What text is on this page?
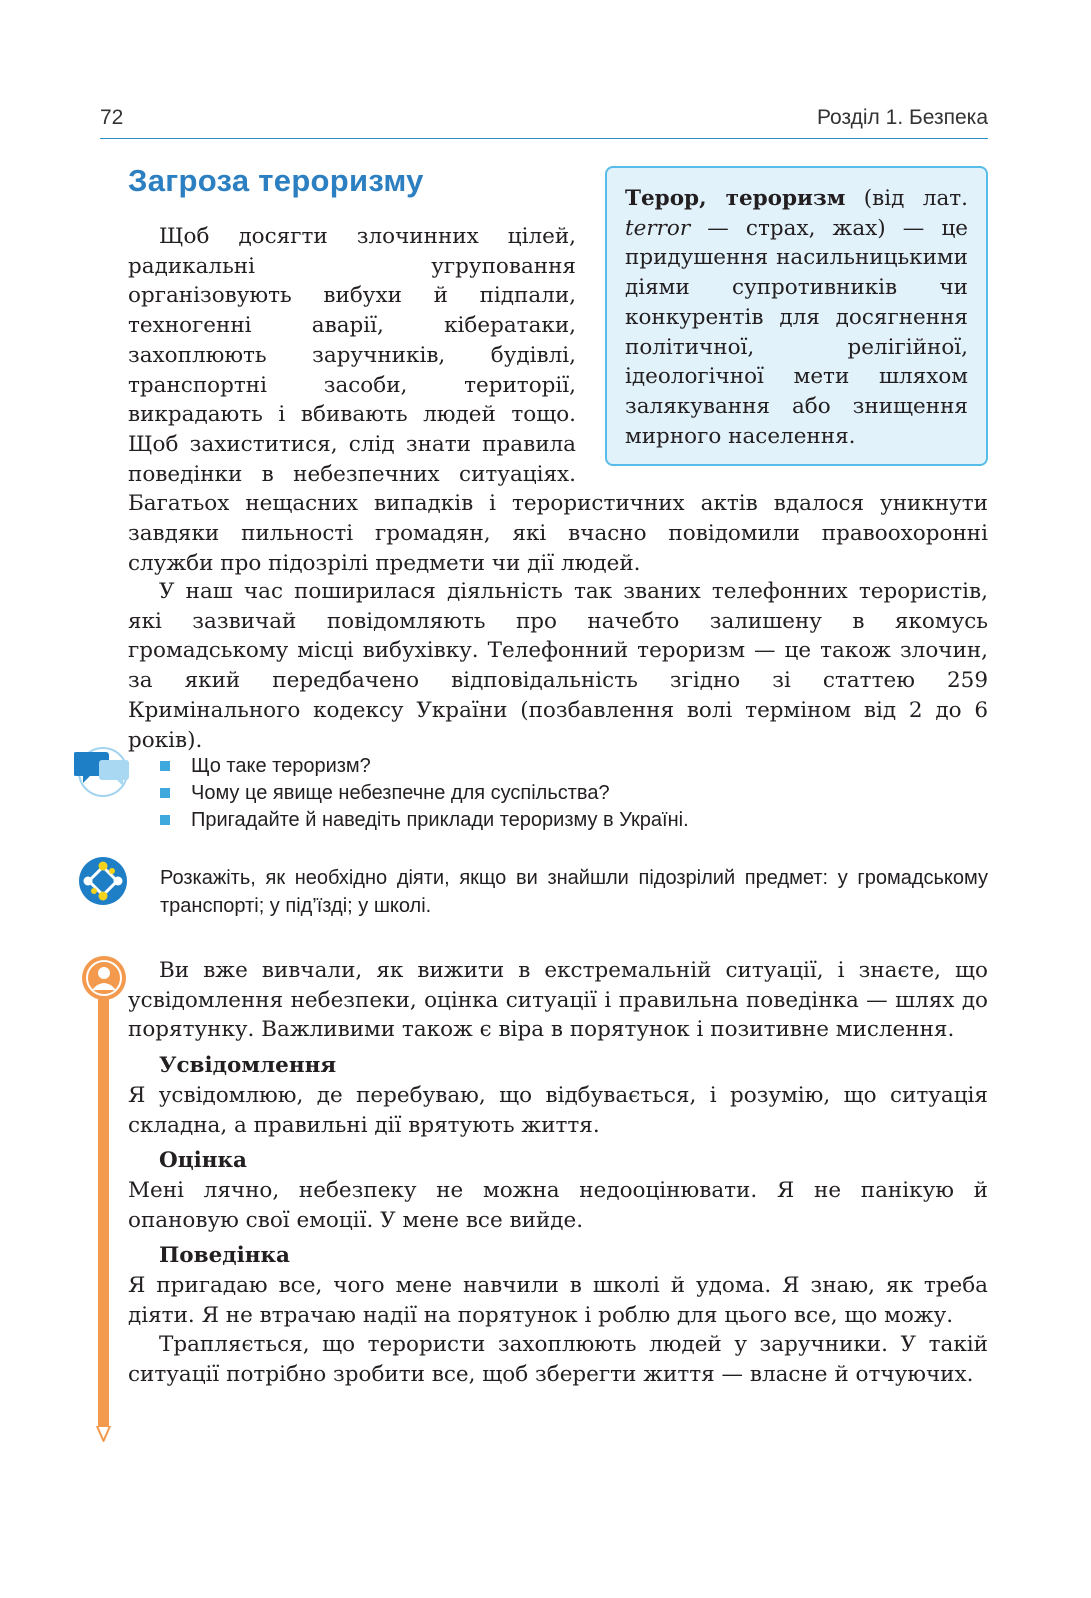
72	Розділ 1. Безпека
Загроза тероризму
Терор, тероризм (від лат. terror — страх, жах) — це придушення насильницькими діями супротивників чи конкурентів для досягнення політичної, релігійної, ідеологічної мети шляхом залякування або знищення мирного населення.
Щоб досягти злочинних цілей, радикальні угруповання організовують вибухи й підпали, техногенні аварії, кібератаки, захоплюють заручників, будівлі, транспортні засоби, території, викрадають і вбивають людей тощо. Щоб захиститися, слід знати правила поведінки в небезпечних ситуаціях. Багатьох нещасних випадків і терористичних актів вдалося уникнути завдяки пильності громадян, які вчасно повідомили правоохоронні служби про підозрілі предмети чи дії людей.

У наш час поширилася діяльність так званих телефонних терористів, які зазвичай повідомляють про начебто залишену в якомусь громадському місці вибухівку. Телефонний тероризм — це також злочин, за який передбачено відповідальність згідно зі статтею 259 Кримінального кодексу України (позбавлення волі терміном від 2 до 6 років).

Що таке тероризм?
Чому це явище небезпечне для суспільства?
Пригадайте й наведіть приклади тероризму в Україні.

Розкажіть, як необхідно діяти, якщо ви знайшли підозрілий предмет: у громадському транспорті; у під’їзді; у школі.

Ви вже вивчали, як вижити в екстремальній ситуації, і знаєте, що усвідомлення небезпеки, оцінка ситуації і правильна поведінка — шлях до порятунку. Важливими також є віра в порятунок і позитивне мислення.

Усвідомлення

Я усвідомлюю, де перебуваю, що відбувається, і розумію, що ситуація складна, а правильні дії врятують життя.

Оцінка

Мені лячно, небезпеку не можна недооцінювати. Я не панікую й опановую свої емоції. У мене все вийде.

Поведінка

Я пригадаю все, чого мене навчили в школі й удома. Я знаю, як треба діяти. Я не втрачаю надії на порятунок і роблю для цього все, що можу.

Трапляється, що терористи захоплюють людей у заручники. У такій ситуації потрібно зробити все, щоб зберегти життя — власне й отчуючих.
